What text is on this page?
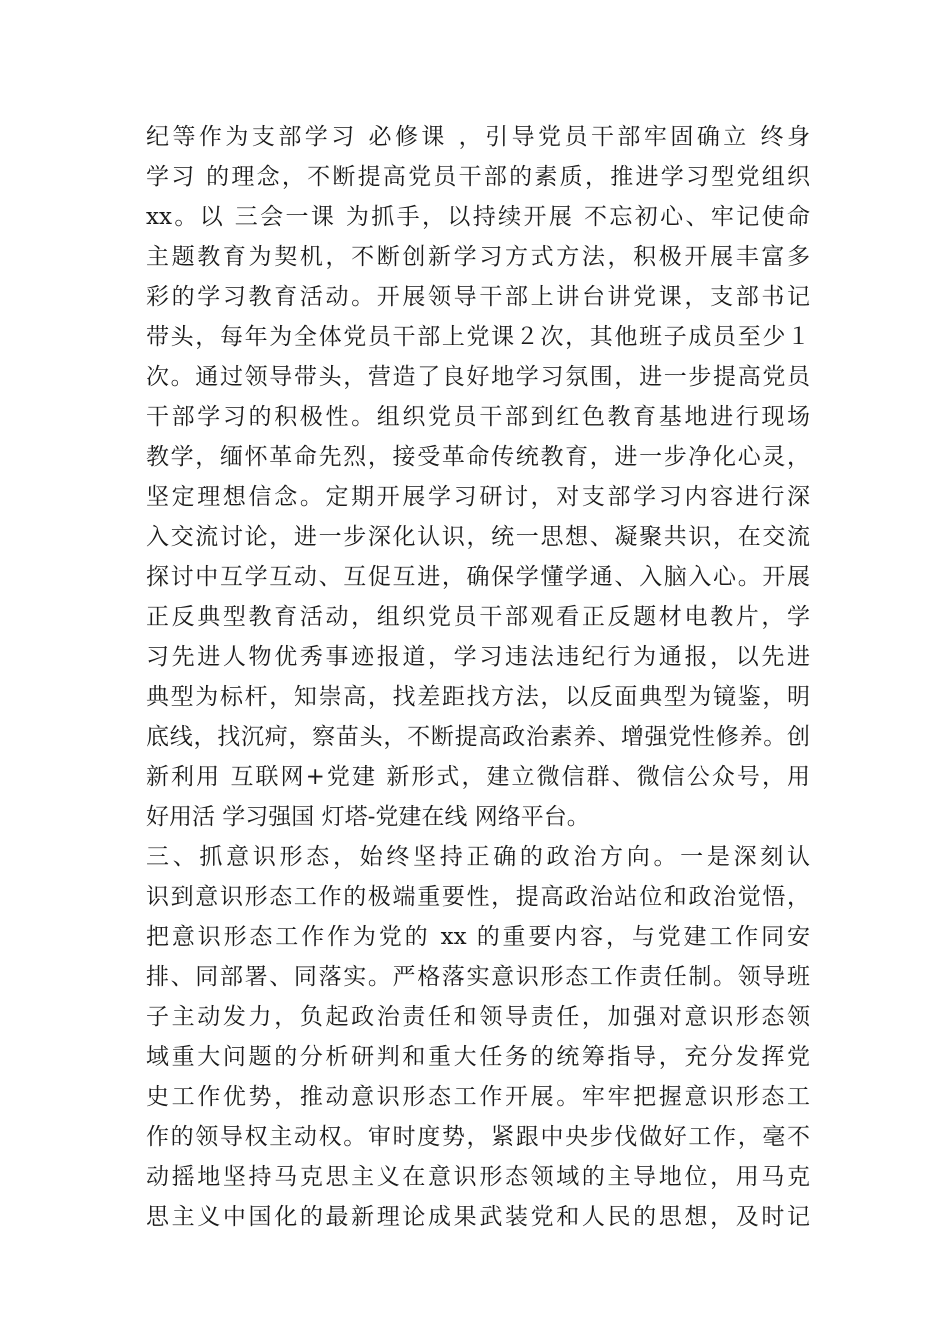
纪等作为支部学习 必修课 ，引导党员干部牢固确立 终身
学习 的理念，不断提高党员干部的素质，推进学习型党组织
xx。以 三会一课 为抓手，以持续开展 不忘初心、牢记使命
主题教育为契机，不断创新学习方式方法，积极开展丰富多
彩的学习教育活动。开展领导干部上讲台讲党课，支部书记
带头，每年为全体党员干部上党课２次，其他班子成员至少１
次。通过领导带头，营造了良好地学习氛围，进一步提高党员
干部学习的积极性。组织党员干部到红色教育基地进行现场
教学，缅怀革命先烈，接受革命传统教育，进一步净化心灵，
坚定理想信念。定期开展学习研讨，对支部学习内容进行深
入交流讨论，进一步深化认识，统一思想、凝聚共识，在交流
探讨中互学互动、互促互进，确保学懂学通、入脑入心。开展
正反典型教育活动，组织党员干部观看正反题材电教片，学
习先进人物优秀事迹报道，学习违法违纪行为通报，以先进
典型为标杆，知崇高，找差距找方法，以反面典型为镜鉴，明
底线，找沉疴，察苗头，不断提高政治素养、增强党性修养。创
新利用 互联网+党建 新形式，建立微信群、微信公众号，用
好用活 学习强国 灯塔-党建在线 网络平台。
三、抓意识形态，始终坚持正确的政治方向。一是深刻认
识到意识形态工作的极端重要性，提高政治站位和政治觉悟，
把意识形态工作作为党的 xx 的重要内容，与党建工作同安
排、同部署、同落实。严格落实意识形态工作责任制。领导班
子主动发力，负起政治责任和领导责任，加强对意识形态领
域重大问题的分析研判和重大任务的统筹指导，充分发挥党
史工作优势，推动意识形态工作开展。牢牢把握意识形态工
作的领导权主动权。审时度势，紧跟中央步伐做好工作，毫不
动摇地坚持马克思主义在意识形态领域的主导地位，用马克
思主义中国化的最新理论成果武装党和人民的思想，及时记
